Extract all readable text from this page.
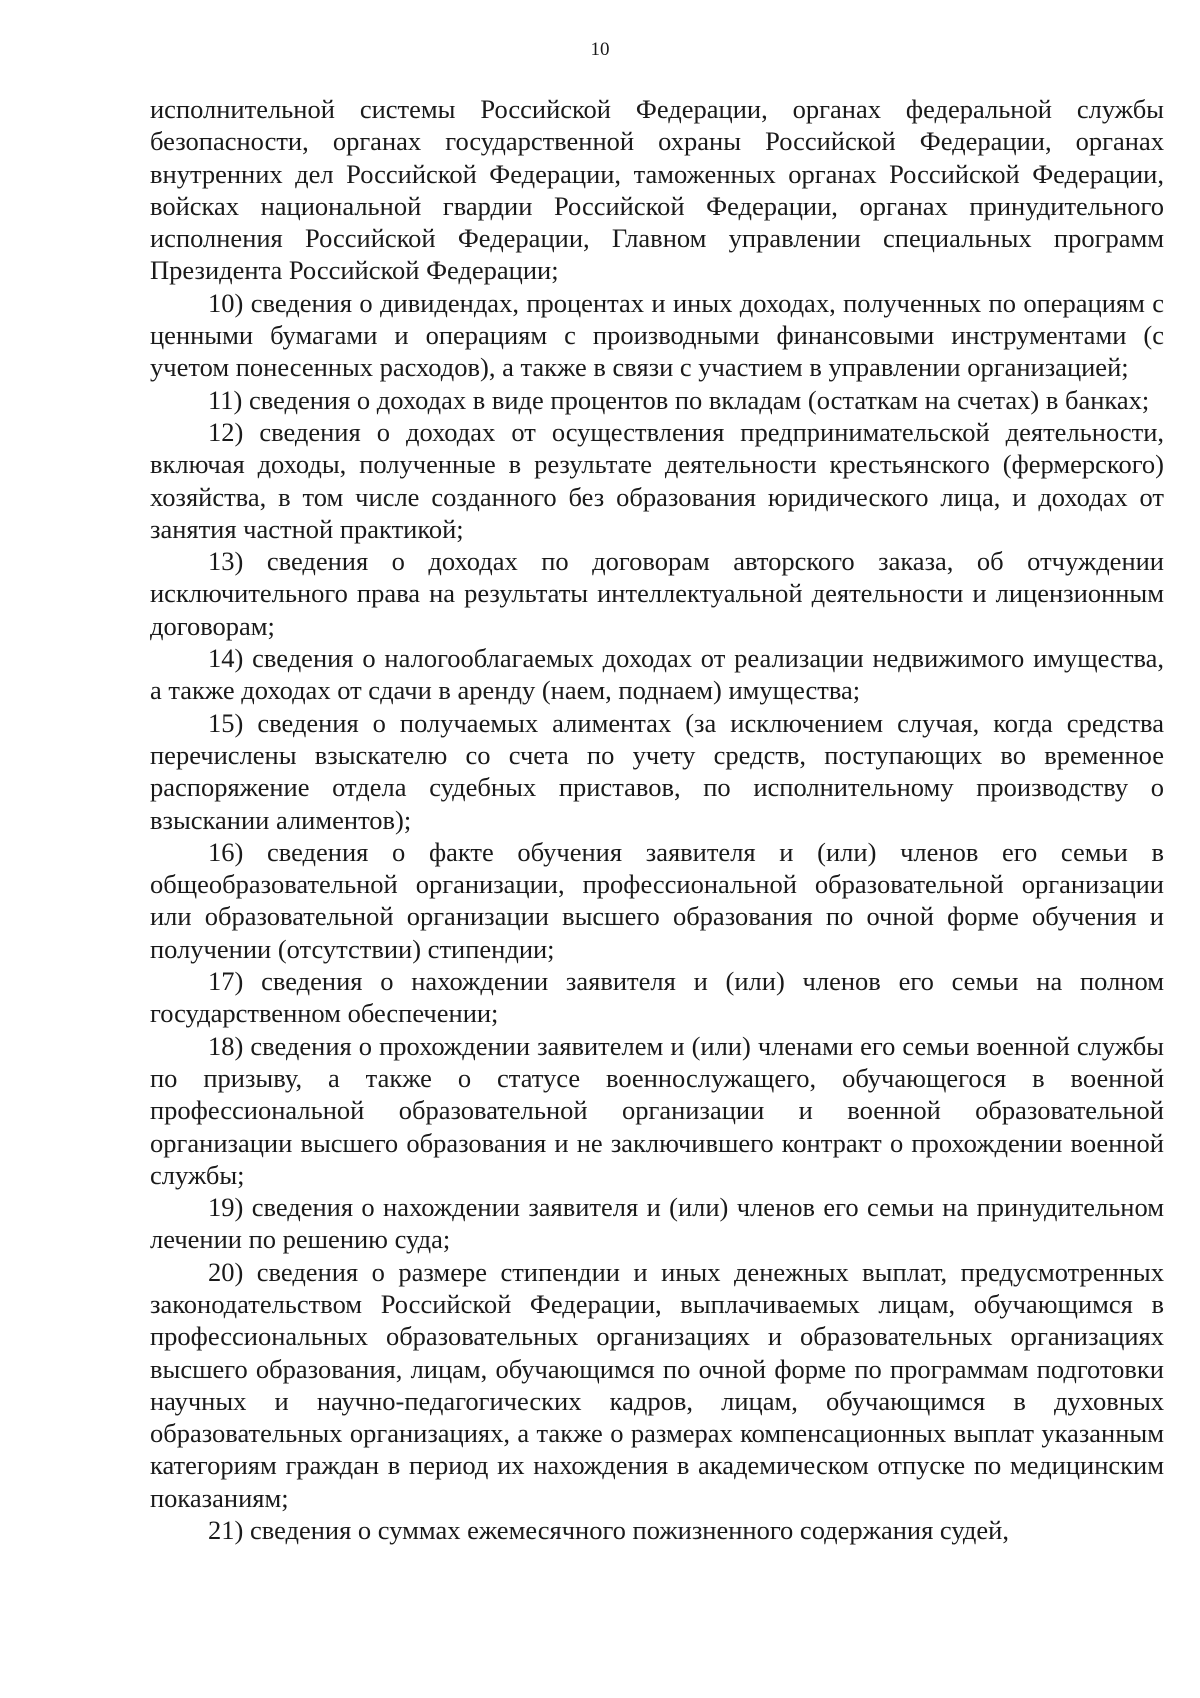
10

исполнительной системы Российской Федерации, органах федеральной службы безопасности, органах государственной охраны Российской Федерации, органах внутренних дел Российской Федерации, таможенных органах Российской Федерации, войсках национальной гвардии Российской Федерации, органах принудительного исполнения Российской Федерации, Главном управлении специальных программ Президента Российской Федерации;

10) сведения о дивидендах, процентах и иных доходах, полученных по операциям с ценными бумагами и операциям с производными финансовыми инструментами (с учетом понесенных расходов), а также в связи с участием в управлении организацией;

11) сведения о доходах в виде процентов по вкладам (остаткам на счетах) в банках;

12) сведения о доходах от осуществления предпринимательской деятельности, включая доходы, полученные в результате деятельности крестьянского (фермерского) хозяйства, в том числе созданного без образования юридического лица, и доходах от занятия частной практикой;

13) сведения о доходах по договорам авторского заказа, об отчуждении исключительного права на результаты интеллектуальной деятельности и лицензионным договорам;

14) сведения о налогооблагаемых доходах от реализации недвижимого имущества, а также доходах от сдачи в аренду (наем, поднаем) имущества;

15) сведения о получаемых алиментах (за исключением случая, когда средства перечислены взыскателю со счета по учету средств, поступающих во временное распоряжение отдела судебных приставов, по исполнительному производству о взыскании алиментов);

16) сведения о факте обучения заявителя и (или) членов его семьи в общеобразовательной организации, профессиональной образовательной организации или образовательной организации высшего образования по очной форме обучения и получении (отсутствии) стипендии;

17) сведения о нахождении заявителя и (или) членов его семьи на полном государственном обеспечении;

18) сведения о прохождении заявителем и (или) членами его семьи военной службы по призыву, а также о статусе военнослужащего, обучающегося в военной профессиональной образовательной организации и военной образовательной организации высшего образования и не заключившего контракт о прохождении военной службы;

19) сведения о нахождении заявителя и (или) членов его семьи на принудительном лечении по решению суда;

20) сведения о размере стипендии и иных денежных выплат, предусмотренных законодательством Российской Федерации, выплачиваемых лицам, обучающимся в профессиональных образовательных организациях и образовательных организациях высшего образования, лицам, обучающимся по очной форме по программам подготовки научных и научно-педагогических кадров, лицам, обучающимся в духовных образовательных организациях, а также о размерах компенсационных выплат указанным категориям граждан в период их нахождения в академическом отпуске по медицинским показаниям;

21) сведения о суммах ежемесячного пожизненного содержания судей,
